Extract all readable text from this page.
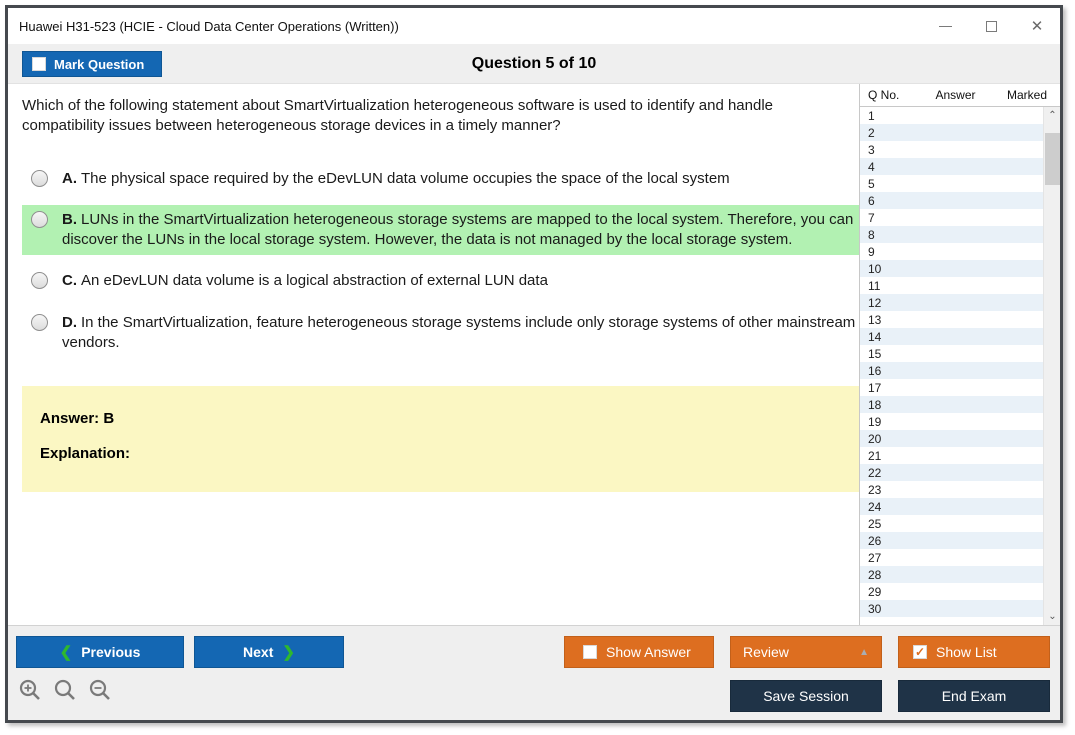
Huawei H31-523 (HCIE - Cloud Data Center Operations (Written))	✕
Mark Question	Question 5 of 10
Which of the following statement about SmartVirtualization heterogeneous software is used to identify and handle compatibility issues between heterogeneous storage devices in a timely manner?
A. The physical space required by the eDevLUN data volume occupies the space of the local system
B. LUNs in the SmartVirtualization heterogeneous storage systems are mapped to the local system. Therefore, you can discover the LUNs in the local storage system. However, the data is not managed by the local storage system.
C. An eDevLUN data volume is a logical abstraction of external LUN data
D. In the SmartVirtualization, feature heterogeneous storage systems include only storage systems of other mainstream vendors.
Answer: B
Explanation:
Q No.	Answer	Marked
1
2
3
4
5
6
7
8
9
10
11
12
13
14
15
16
17
18
19
20
21
22
23
24
25
26
27
28
29
30
⌃
⌄
❮ Previous	Next ❯	Show Answer	Review	▲	✓ Show List
Save Session	End Exam
